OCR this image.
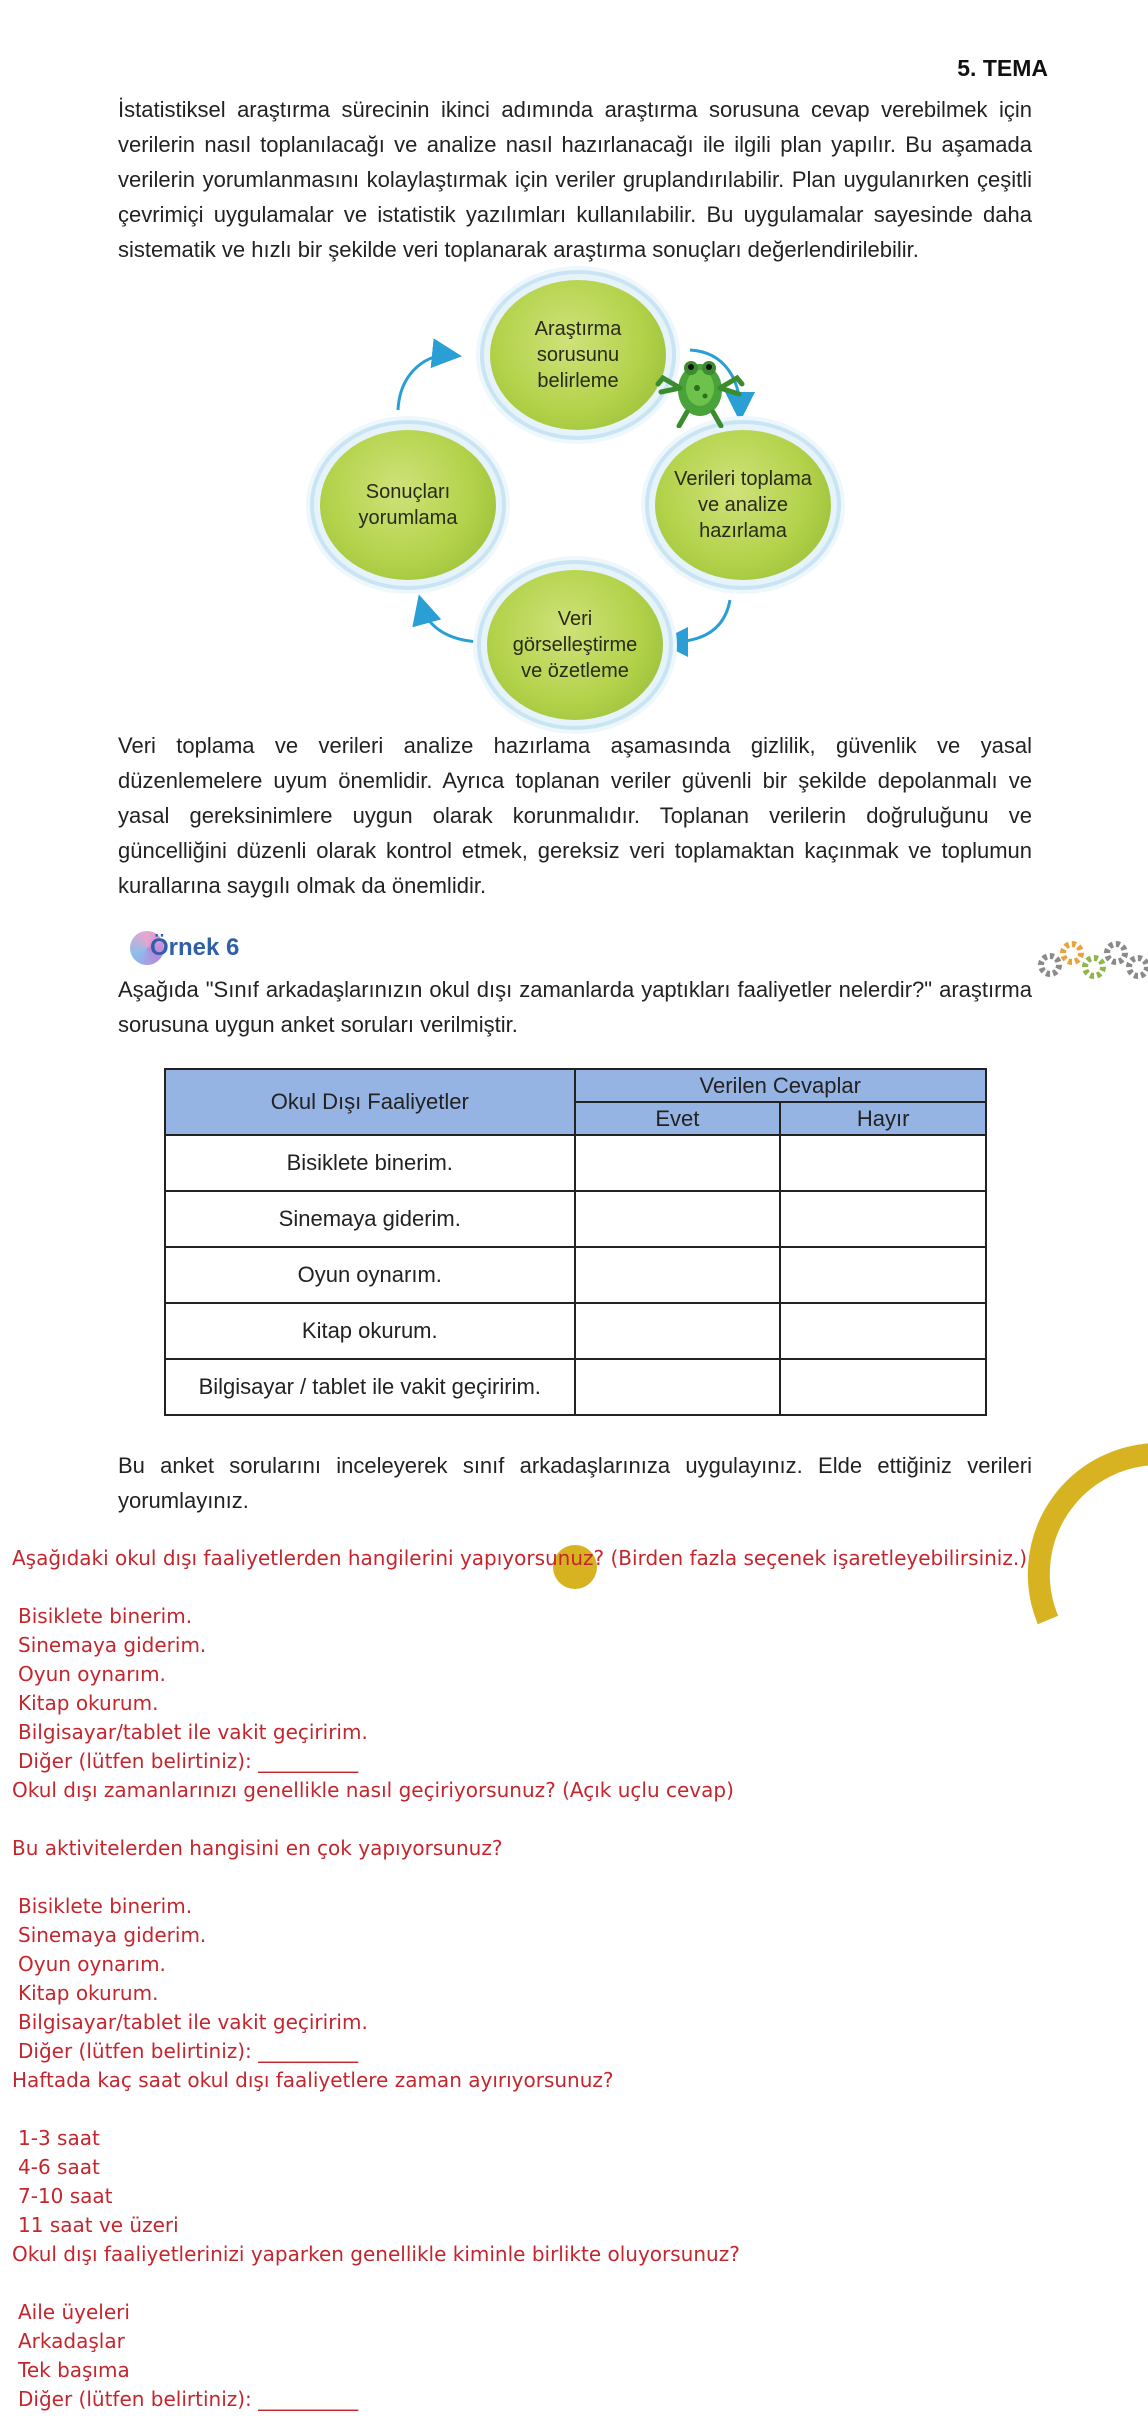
5. TEMA

İstatistiksel araştırma sürecinin ikinci adımında araştırma sorusuna cevap verebilmek için verilerin nasıl toplanılacağı ve analize nasıl hazırlanacağı ile ilgili plan yapılır. Bu aşamada verilerin yorumlanmasını kolaylaştırmak için veriler gruplandırılabilir. Plan uygulanırken çeşitli çevrimiçi uygulamalar ve istatistik yazılımları kullanılabilir. Bu uygulamalar sayesinde daha sistematik ve hızlı bir şekilde veri toplanarak araştırma sonuçları değerlendirilebilir.

Araştırma
sorusunu
belirleme
Sonuçları
yorumlama
Verileri toplama
ve analize
hazırlama
Veri
görselleştirme
ve özetleme

Veri toplama ve verileri analize hazırlama aşamasında gizlilik, güvenlik ve yasal düzenlemelere uyum önemlidir. Ayrıca toplanan veriler güvenli bir şekilde depolanmalı ve yasal gereksinimlere uygun olarak korunmalıdır. Toplanan verilerin doğruluğunu ve güncelliğini düzenli olarak kontrol etmek, gereksiz veri toplamaktan kaçınmak ve toplumun kurallarına saygılı olmak da önemlidir.

Örnek 6

Aşağıda "Sınıf arkadaşlarınızın okul dışı zamanlarda yaptıkları faaliyetler nelerdir?" araştırma sorusuna uygun anket soruları verilmiştir.

Okul Dışı Faaliyetler	Verilen Cevaplar	
	Evet	Hayır
Bisiklete binerim.		
Sinemaya giderim.		
Oyun oynarım.		
Kitap okurum.		
Bilgisayar / tablet ile vakit geçiririm.		

Bu anket sorularını inceleyerek sınıf arkadaşlarınıza uygulayınız. Elde ettiğiniz verileri yorumlayınız.

Aşağıdaki okul dışı faaliyetlerden hangilerini yapıyorsunuz? (Birden fazla seçenek işaretleyebilirsiniz.)

Bisiklete binerim.
Sinemaya giderim.
Oyun oynarım.
Kitap okurum.
Bilgisayar/tablet ile vakit geçiririm.
Diğer (lütfen belirtiniz): __________

Okul dışı zamanlarınızı genellikle nasıl geçiriyorsunuz? (Açık uçlu cevap)

Bu aktivitelerden hangisini en çok yapıyorsunuz?

Bisiklete binerim.
Sinemaya giderim.
Oyun oynarım.
Kitap okurum.
Bilgisayar/tablet ile vakit geçiririm.
Diğer (lütfen belirtiniz): __________

Haftada kaç saat okul dışı faaliyetlere zaman ayırıyorsunuz?

1-3 saat
4-6 saat
7-10 saat
11 saat ve üzeri

Okul dışı faaliyetlerinizi yaparken genellikle kiminle birlikte oluyorsunuz?

Aile üyeleri
Arkadaşlar
Tek başıma
Diğer (lütfen belirtiniz): __________
